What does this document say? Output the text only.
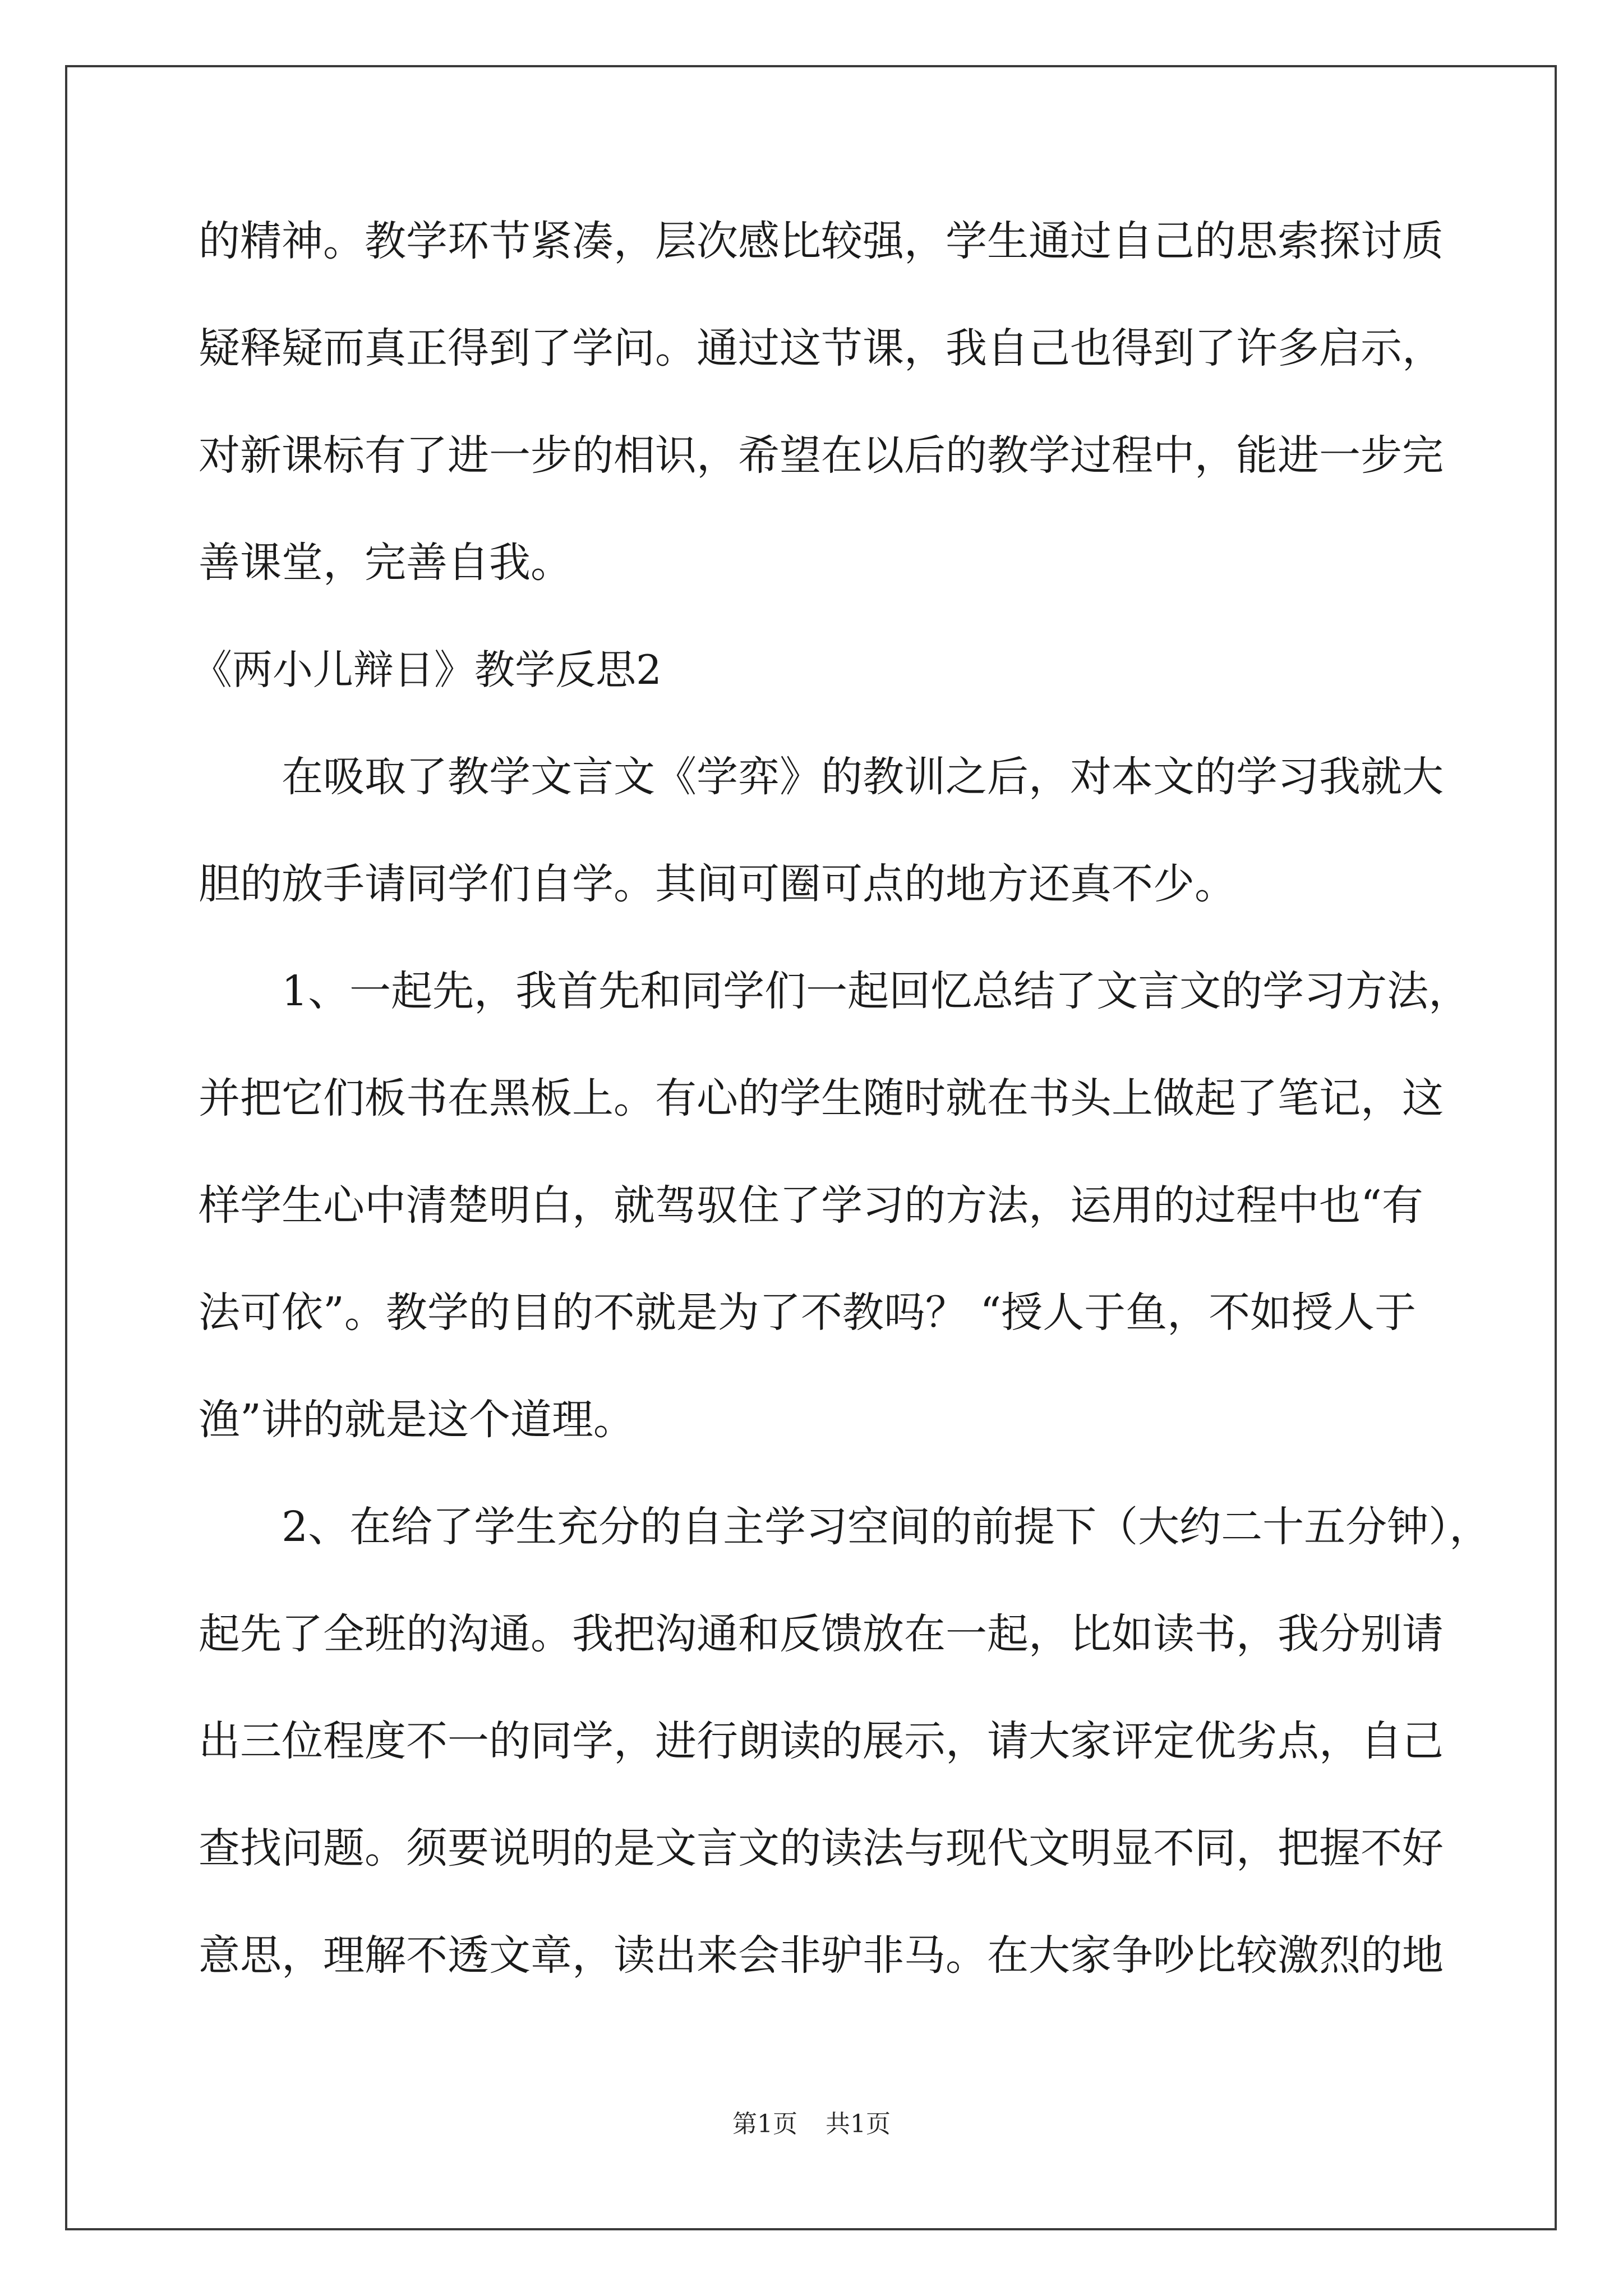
的精神。教学环节紧凑，层次感比较强，学生通过自己的思索探讨质
疑释疑而真正得到了学问。通过这节课，我自己也得到了许多启示，
对新课标有了进一步的相识，希望在以后的教学过程中，能进一步完
善课堂，完善自我。
《两小儿辩日》教学反思2
　　在吸取了教学文言文《学弈》的教训之后，对本文的学习我就大
胆的放手请同学们自学。其间可圈可点的地方还真不少。
　　1、一起先，我首先和同学们一起回忆总结了文言文的学习方法，
并把它们板书在黑板上。有心的学生随时就在书头上做起了笔记，这
样学生心中清楚明白，就驾驭住了学习的方法，运用的过程中也“有
法可依”。教学的目的不就是为了不教吗？ “授人于鱼，不如授人于
渔”讲的就是这个道理。
　　2、在给了学生充分的自主学习空间的前提下（大约二十五分钟），
起先了全班的沟通。我把沟通和反馈放在一起，比如读书，我分别请
出三位程度不一的同学，进行朗读的展示，请大家评定优劣点，自己
查找问题。须要说明的是文言文的读法与现代文明显不同，把握不好
意思，理解不透文章，读出来会非驴非马。在大家争吵比较激烈的地
第1页 共1页
